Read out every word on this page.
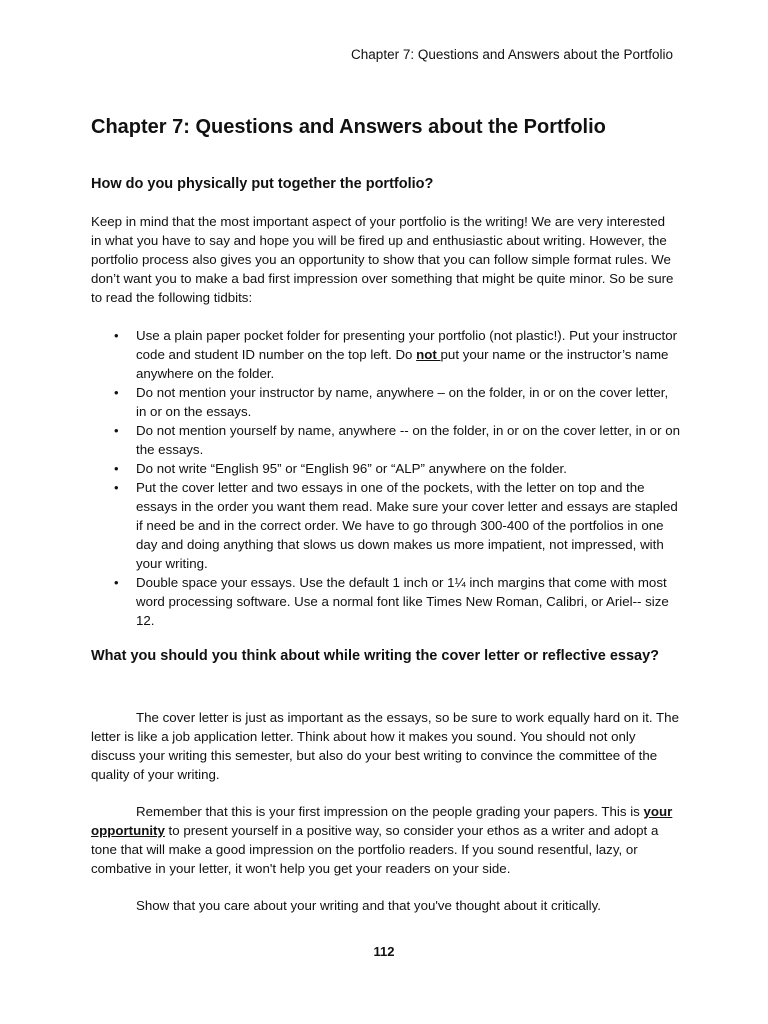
Chapter 7: Questions and Answers about the Portfolio
Chapter 7: Questions and Answers about the Portfolio
How do you physically put together the portfolio?

Keep in mind that the most important aspect of your portfolio is the writing! We are very interested in what you have to say and hope you will be fired up and enthusiastic about writing. However, the portfolio process also gives you an opportunity to show that you can follow simple format rules. We don’t want you to make a bad first impression over something that might be quite minor. So be sure to read the following tidbits:

• Use a plain paper pocket folder for presenting your portfolio (not plastic!). Put your instructor code and student ID number on the top left. Do not put your name or the instructor’s name anywhere on the folder.
• Do not mention your instructor by name, anywhere – on the folder, in or on the cover letter, in or on the essays.
• Do not mention yourself by name, anywhere -- on the folder, in or on the cover letter, in or on the essays.
• Do not write “English 95” or “English 96” or “ALP” anywhere on the folder.
• Put the cover letter and two essays in one of the pockets, with the letter on top and the essays in the order you want them read. Make sure your cover letter and essays are stapled if need be and in the correct order. We have to go through 300-400 of the portfolios in one day and doing anything that slows us down makes us more impatient, not impressed, with your writing.
• Double space your essays. Use the default 1 inch or 1¼ inch margins that come with most word processing software. Use a normal font like Times New Roman, Calibri, or Ariel-- size 12.
What you should you think about while writing the cover letter or reflective essay?

The cover letter is just as important as the essays, so be sure to work equally hard on it. The letter is like a job application letter. Think about how it makes you sound. You should not only discuss your writing this semester, but also do your best writing to convince the committee of the quality of your writing.

Remember that this is your first impression on the people grading your papers. This is your opportunity to present yourself in a positive way, so consider your ethos as a writer and adopt a tone that will make a good impression on the portfolio readers. If you sound resentful, lazy, or combative in your letter, it won't help you get your readers on your side.

Show that you care about your writing and that you've thought about it critically.

112
